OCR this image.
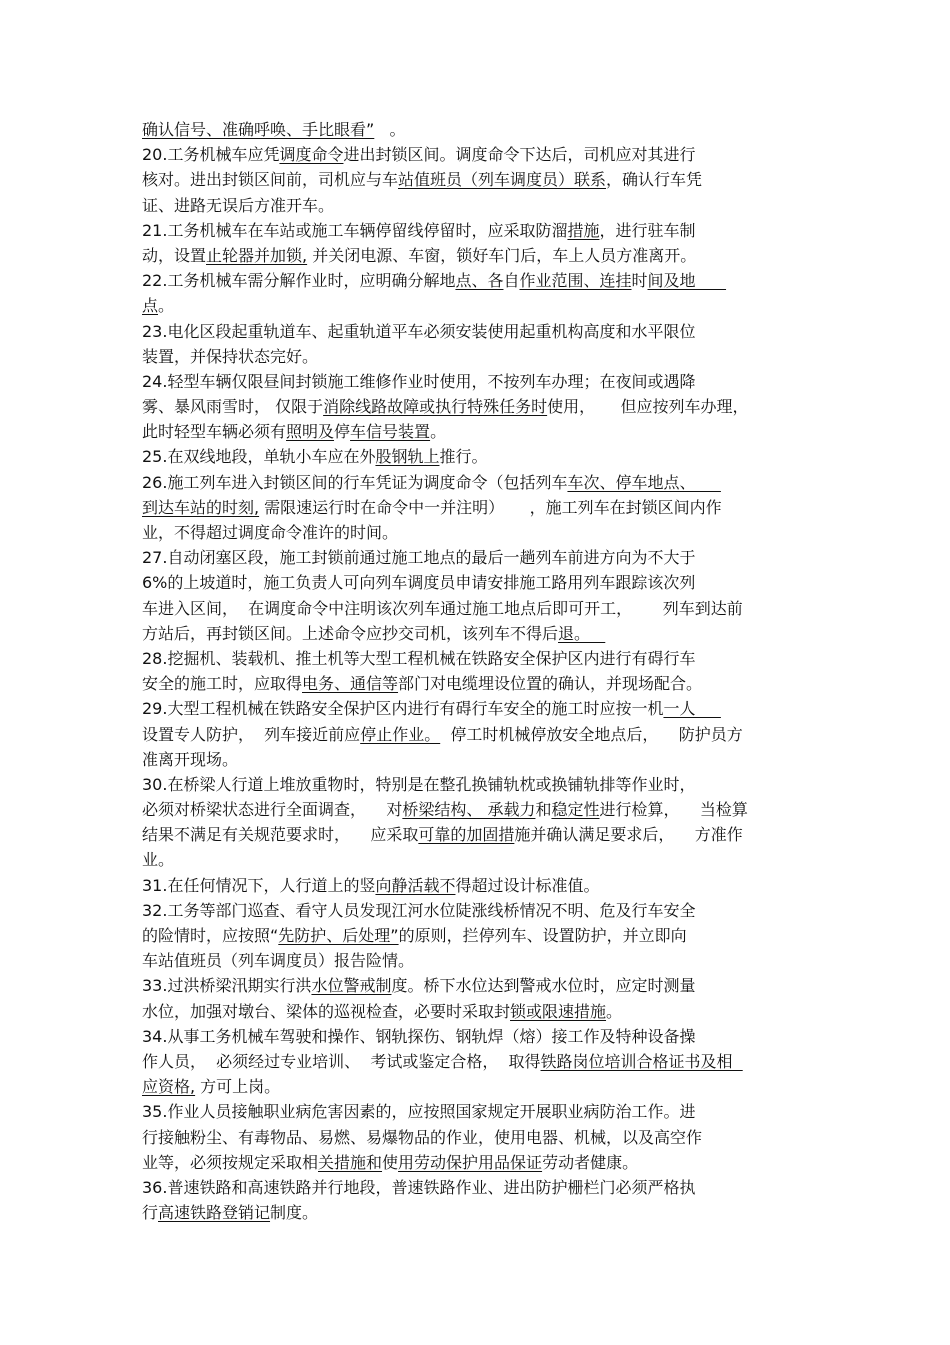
确认信号、准确呼唤、手比眼看”   。
20.工务机械车应凭调度命令进出封锁区间。调度命令下达后，司机应对其进行
核对。进出封锁区间前，司机应与车站值班员（列车调度员）联系，确认行车凭
证、进路无误后方准开车。
21.工务机械车在车站或施工车辆停留线停留时，应采取防溜措施，进行驻车制
动，设置止轮器并加锁, 并关闭电源、车窗，锁好车门后，车上人员方准离开。
22.工务机械车需分解作业时，应明确分解地点、各自作业范围、连挂时间及地
点。
23.电化区段起重轨道车、起重轨道平车必须安装使用起重机构高度和水平限位
装置，并保持状态完好。
24.轻型车辆仅限昼间封锁施工维修作业时使用，不按列车办理；在夜间或遇降
雾、暴风雨雪时， 仅限于消除线路故障或执行特殊任务时使用，     但应按列车办理，
此时轻型车辆必须有照明及停车信号装置。
25.在双线地段，单轨小车应在外股钢轨上推行。
26.施工列车进入封锁区间的行车凭证为调度命令（包括列车车次、停车地点、
到达车站的时刻, 需限速运行时在命令中一并注明）     ，施工列车在封锁区间内作
业，不得超过调度命令准许的时间。
27.自动闭塞区段，施工封锁前通过施工地点的最后一趟列车前进方向为不大于
6%的上坡道时，施工负责人可向列车调度员申请安排施工路用列车跟踪该次列
车进入区间，  在调度命令中注明该次列车通过施工地点后即可开工，      列车到达前
方站后，再封锁区间。上述命令应抄交司机，该列车不得后退。
28.挖掘机、装载机、推土机等大型工程机械在铁路安全保护区内进行有碍行车
安全的施工时，应取得电务、通信等部门对电缆埋设位置的确认，并现场配合。
29.大型工程机械在铁路安全保护区内进行有碍行车安全的施工时应按一机一人
设置专人防护，  列车接近前应停止作业。  停工时机械停放安全地点后，    防护员方
准离开现场。
30.在桥梁人行道上堆放重物时，特别是在整孔换铺轨枕或换铺轨排等作业时，
必须对桥梁状态进行全面调查，    对桥梁结构、 承载力和稳定性进行检算，    当检算
结果不满足有关规范要求时，    应采取可靠的加固措施并确认满足要求后，    方准作
业。
31.在任何情况下，人行道上的竖向静活载不得超过设计标准值。
32.工务等部门巡查、看守人员发现江河水位陡涨线桥情况不明、危及行车安全
的险情时，应按照“先防护、后处理”的原则，拦停列车、设置防护，并立即向
车站值班员（列车调度员）报告险情。
33.过洪桥梁汛期实行洪水位警戒制度。桥下水位达到警戒水位时，应定时测量
水位，加强对墩台、梁体的巡视检查，必要时采取封锁或限速措施。
34.从事工务机械车驾驶和操作、钢轨探伤、钢轨焊（熔）接工作及特种设备操
作人员，  必须经过专业培训、  考试或鉴定合格，  取得铁路岗位培训合格证书及相
应资格, 方可上岗。
35.作业人员接触职业病危害因素的，应按照国家规定开展职业病防治工作。进
行接触粉尘、有毒物品、易燃、易爆物品的作业，使用电器、机械，以及高空作
业等，必须按规定采取相关措施和使用劳动保护用品保证劳动者健康。
36.普速铁路和高速铁路并行地段，普速铁路作业、进出防护栅栏门必须严格执
行高速铁路登销记制度。
